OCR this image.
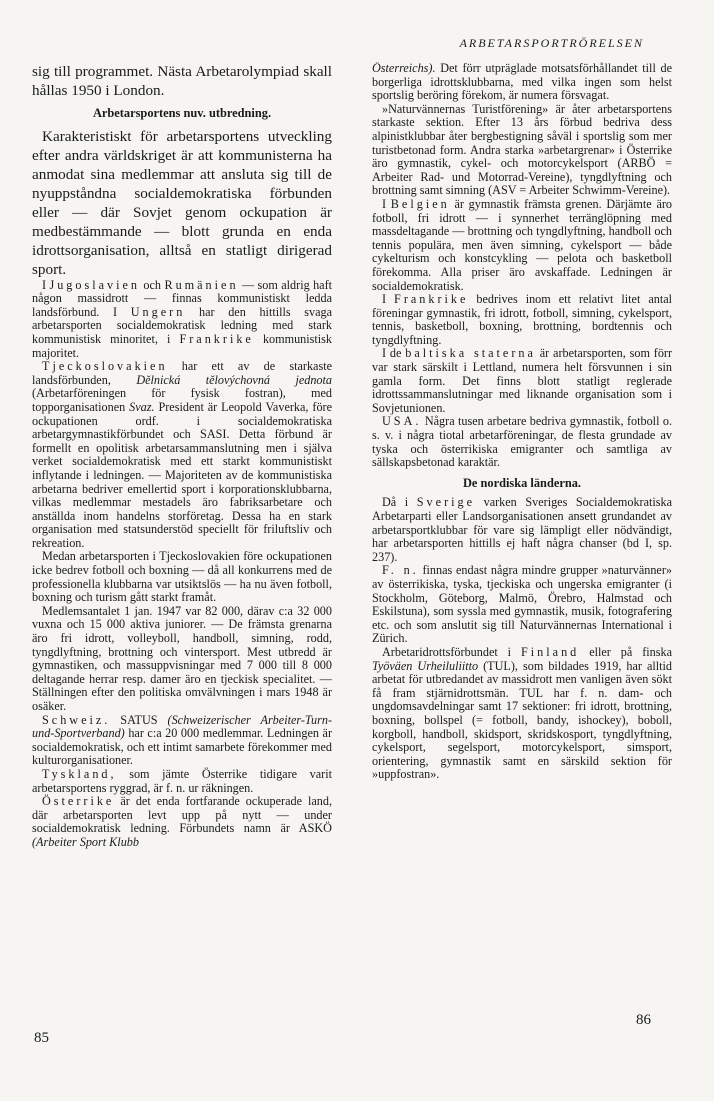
ARBETARSPORTRÖRELSEN

sig till programmet. Nästa Arbetarolympiad skall hållas 1950 i London.

Arbetarsportens nuv. utbredning.

Karakteristiskt för arbetarsportens utveckling efter andra världskriget är att kommunisterna ha anmodat sina medlemmar att ansluta sig till de nyuppståndna socialdemokratiska förbunden eller — där Sovjet genom ockupation är medbestämmande — blott grunda en enda idrottsorganisation, alltså en statligt dirigerad sport.

I Jugoslavien och Rumänien — som aldrig haft någon massidrott — finnas kommunistiskt ledda landsförbund. I Ungern har den hittills svaga arbetarsporten socialdemokratisk ledning med stark kommunistisk minoritet, i Frankrike kommunistisk majoritet.

Tjeckoslovakien har ett av de starkaste landsförbunden, Dělnická tělovýchovná jednota (Arbetarföreningen för fysisk fostran), med topporganisationen Svaz. President är Leopold Vaverka, före ockupationen ordf. i socialdemokratiska arbetargymnastikförbundet och SASI. Detta förbund är formellt en opolitisk arbetarsammanslutning men i själva verket socialdemokratisk med ett starkt kommunistiskt inflytande i ledningen. — Majoriteten av de kommunistiska arbetarna bedriver emellertid sport i korporationsklubbarna, vilkas medlemmar mestadels äro fabriksarbetare och anställda inom handelns storföretag. Dessa ha en stark organisation med statsunderstöd speciellt för friluftsliv och rekreation.

Medan arbetarsporten i Tjeckoslovakien före ockupationen icke bedrev fotboll och boxning — då all konkurrens med de professionella klubbarna var utsiktslös — ha nu även fotboll, boxning och turism gått starkt framåt.

Medlemsantalet 1 jan. 1947 var 82 000, därav c:a 32 000 vuxna och 15 000 aktiva juniorer. — De främsta grenarna äro fri idrott, volleyboll, handboll, simning, rodd, tyngdlyftning, brottning och vintersport. Mest utbredd är gymnastiken, och massuppvisningar med 7 000 till 8 000 deltagande herrar resp. damer äro en tjeckisk specialitet. — Ställningen efter den politiska omvälvningen i mars 1948 är osäker.

Schweiz. SATUS (Schweizerischer Arbeiter-Turn-und-Sportverband) har c:a 20 000 medlemmar. Ledningen är socialdemokratisk, och ett intimt samarbete förekommer med kulturorganisationer.

Tyskland, som jämte Österrike tidigare varit arbetarsportens ryggrad, är f. n. ur räkningen.

Österrike är det enda fortfarande ockuperade land, där arbetarsporten levt upp på nytt — under socialdemokratisk ledning. Förbundets namn är ASKÖ (Arbeiter Sport Klubb

Österreichs). Det förr utpräglade motsatsförhållandet till de borgerliga idrottsklubbarna, med vilka ingen som helst sportslig beröring förekom, är numera försvagat.

»Naturvännernas Turistförening» är åter arbetarsportens starkaste sektion. Efter 13 års förbud bedriva dess alpinistklubbar åter bergbestigning såväl i sportslig som mer turistbetonad form. Andra starka »arbetargrenar» i Österrike äro gymnastik, cykel- och motorcykelsport (ARBÖ = Arbeiter Rad- und Motorrad-Vereine), tyngdlyftning och brottning samt simning (ASV = Arbeiter Schwimm-Vereine).

I Belgien är gymnastik främsta grenen. Därjämte äro fotboll, fri idrott — i synnerhet terränglöpning med massdeltagande — brottning och tyngdlyftning, handboll och tennis populära, men även simning, cykelsport — både cykelturism och konstcykling — pelota och basketboll förekomma. Alla priser äro avskaffade. Ledningen är socialdemokratisk.

I Frankrike bedrives inom ett relativt litet antal föreningar gymnastik, fri idrott, fotboll, simning, cykelsport, tennis, basketboll, boxning, brottning, bordtennis och tyngdlyftning.

I de baltiska staterna är arbetarsporten, som förr var stark särskilt i Lettland, numera helt försvunnen i sin gamla form. Det finns blott statligt reglerade idrottssammanslutningar med liknande organisation som i Sovjetunionen.

USA. Några tusen arbetare bedriva gymnastik, fotboll o. s. v. i några tiotal arbetarföreningar, de flesta grundade av tyska och österrikiska emigranter och samtliga av sällskapsbetonad karaktär.

De nordiska länderna.

Då i Sverige varken Sveriges Socialdemokratiska Arbetarparti eller Landsorganisationen ansett grundandet av arbetarsportklubbar för vare sig lämpligt eller nödvändigt, har arbetarsporten hittills ej haft några chanser (bd I, sp. 237).

F. n. finnas endast några mindre grupper »naturvänner» av österrikiska, tyska, tjeckiska och ungerska emigranter (i Stockholm, Göteborg, Malmö, Örebro, Halmstad och Eskilstuna), som syssla med gymnastik, musik, fotografering etc. och som anslutit sig till Naturvännernas International i Zürich.

Arbetaridrottsförbundet i Finland eller på finska Työväen Urheiluliitto (TUL), som bildades 1919, har alltid arbetat för utbredandet av massidrott men vanligen även sökt få fram stjärnidrottsmän. TUL har f. n. dam- och ungdomsavdelningar samt 17 sektioner: fri idrott, brottning, boxning, bollspel (= fotboll, bandy, ishockey), boboll, korgboll, handboll, skidsport, skridskosport, tyngdlyftning, cykelsport, segelsport, motorcykelsport, simsport, orientering, gymnastik samt en särskild sektion för »uppfostran».

85
86
